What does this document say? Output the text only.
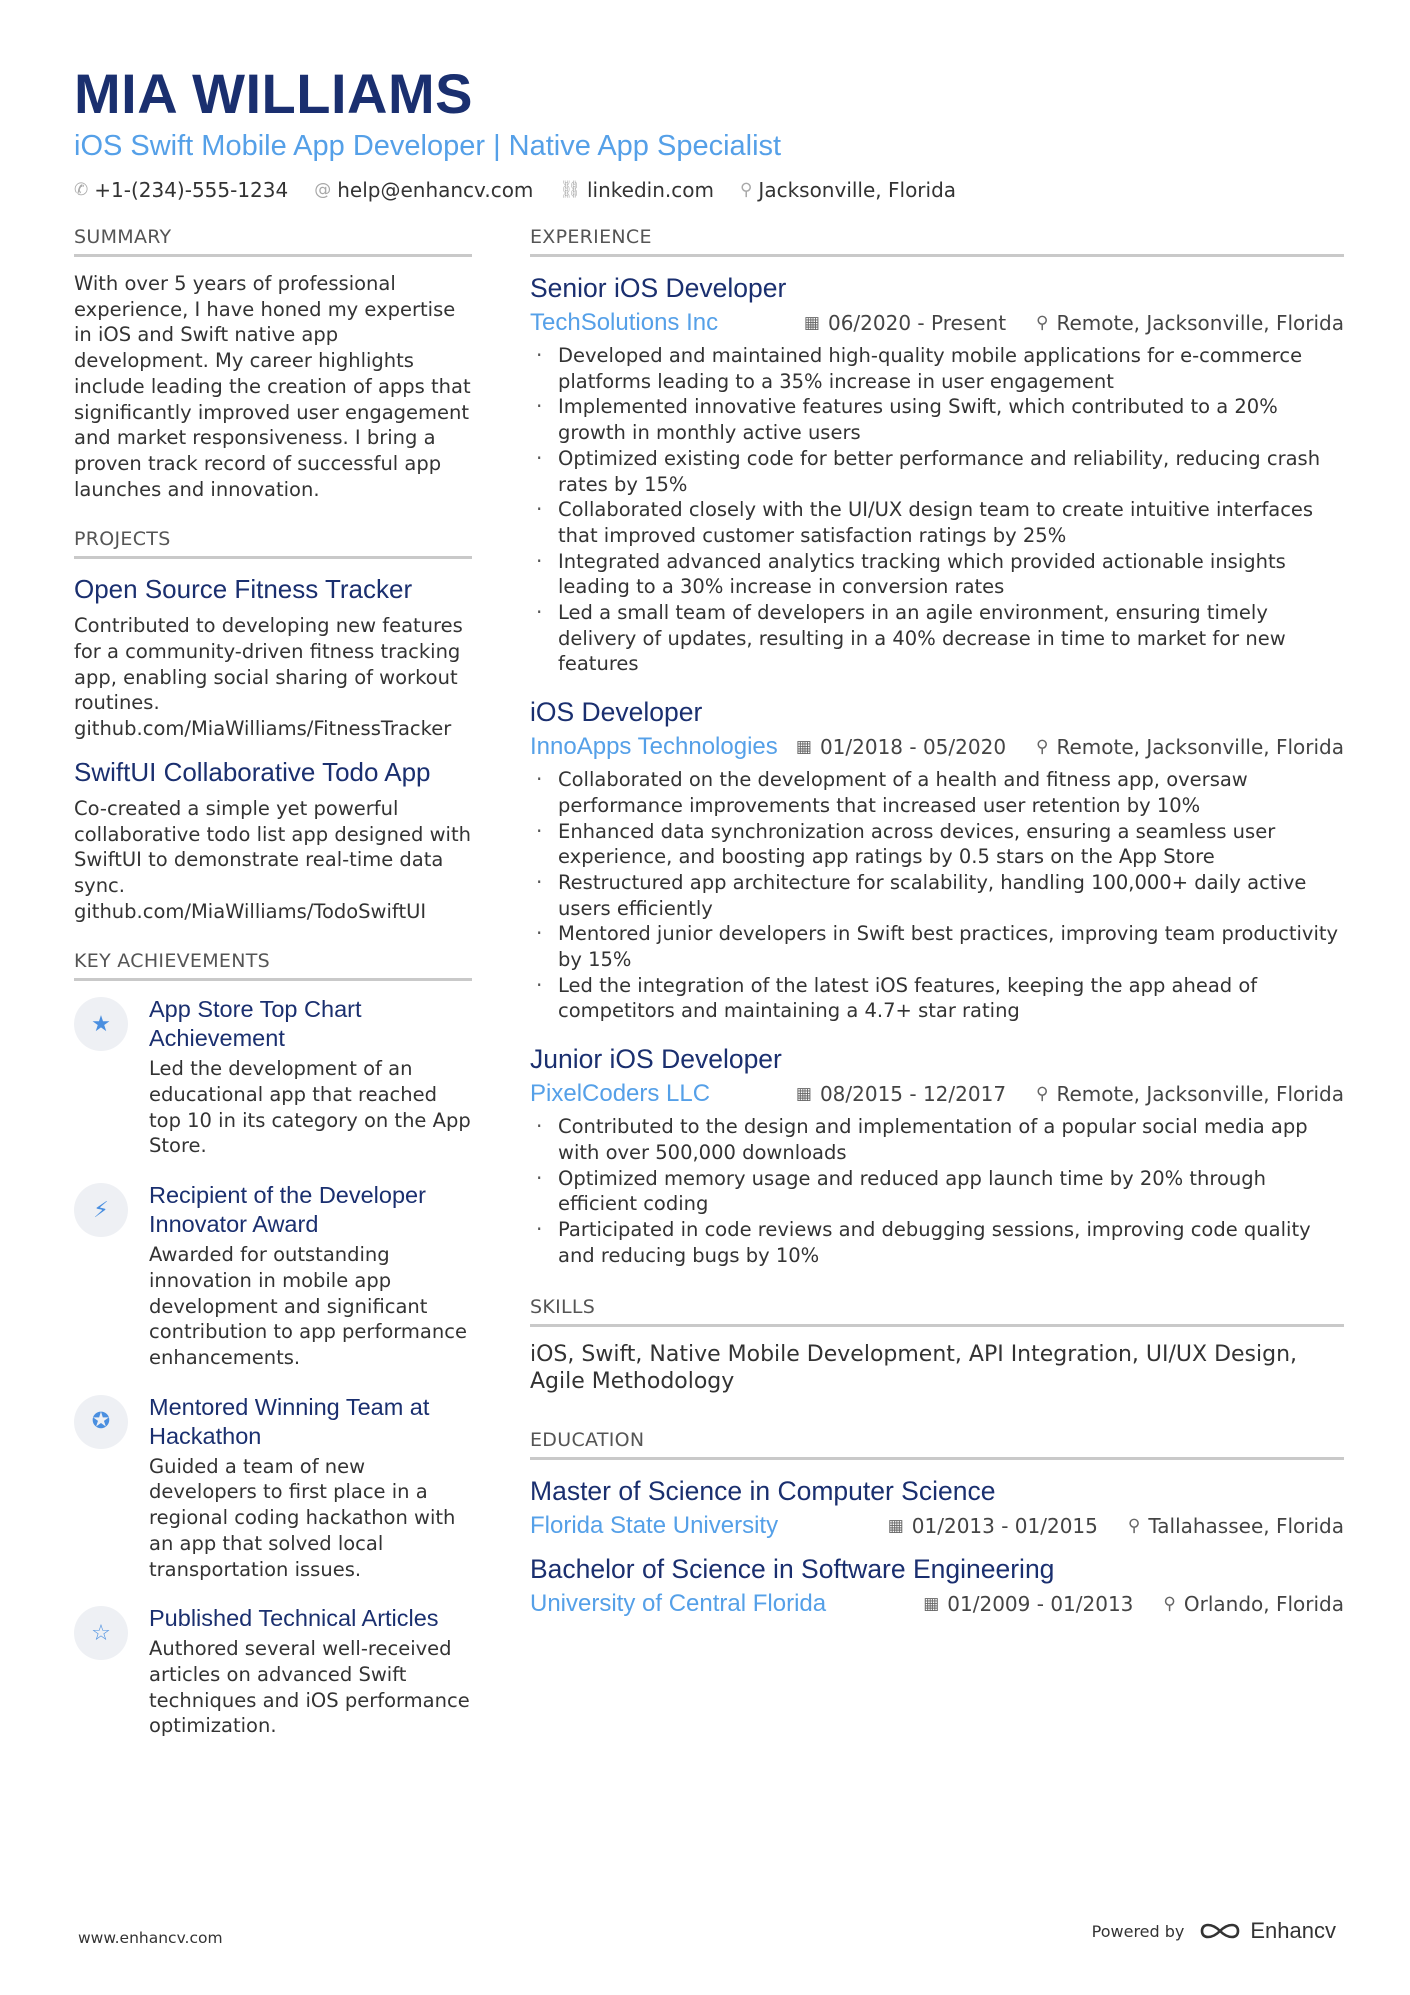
MIA WILLIAMS
iOS Swift Mobile App Developer | Native App Specialist
✆ +1-(234)-555-1234 @ help@enhancv.com ⛓ linkedin.com ⚲ Jacksonville, Florida
SUMMARY
With over 5 years of professional experience, I have honed my expertise in iOS and Swift native app development. My career highlights include leading the creation of apps that significantly improved user engagement and market responsiveness. I bring a proven track record of successful app launches and innovation.
PROJECTS
Open Source Fitness Tracker
Contributed to developing new features for a community-driven fitness tracking app, enabling social sharing of workout routines.
github.com/MiaWilliams/FitnessTracker
SwiftUI Collaborative Todo App
Co-created a simple yet powerful collaborative todo list app designed with SwiftUI to demonstrate real-time data sync.
github.com/MiaWilliams/TodoSwiftUI
KEY ACHIEVEMENTS
★
App Store Top Chart Achievement
Led the development of an educational app that reached top 10 in its category on the App Store.
⚡
Recipient of the Developer Innovator Award
Awarded for outstanding innovation in mobile app development and significant contribution to app performance enhancements.
✪
Mentored Winning Team at Hackathon
Guided a team of new developers to first place in a regional coding hackathon with an app that solved local transportation issues.
☆
Published Technical Articles
Authored several well-received articles on advanced Swift techniques and iOS performance optimization.
EXPERIENCE
Senior iOS Developer
TechSolutions Inc	▦ 06/2020 - Present ⚲ Remote, Jacksonville, Florida
· Developed and maintained high-quality mobile applications for e-commerce platforms leading to a 35% increase in user engagement
· Implemented innovative features using Swift, which contributed to a 20% growth in monthly active users
· Optimized existing code for better performance and reliability, reducing crash rates by 15%
· Collaborated closely with the UI/UX design team to create intuitive interfaces that improved customer satisfaction ratings by 25%
· Integrated advanced analytics tracking which provided actionable insights leading to a 30% increase in conversion rates
· Led a small team of developers in an agile environment, ensuring timely delivery of updates, resulting in a 40% decrease in time to market for new features
iOS Developer
InnoApps Technologies	▦ 01/2018 - 05/2020 ⚲ Remote, Jacksonville, Florida
· Collaborated on the development of a health and fitness app, oversaw performance improvements that increased user retention by 10%
· Enhanced data synchronization across devices, ensuring a seamless user experience, and boosting app ratings by 0.5 stars on the App Store
· Restructured app architecture for scalability, handling 100,000+ daily active users efficiently
· Mentored junior developers in Swift best practices, improving team productivity by 15%
· Led the integration of the latest iOS features, keeping the app ahead of competitors and maintaining a 4.7+ star rating
Junior iOS Developer
PixelCoders LLC	▦ 08/2015 - 12/2017 ⚲ Remote, Jacksonville, Florida
· Contributed to the design and implementation of a popular social media app with over 500,000 downloads
· Optimized memory usage and reduced app launch time by 20% through efficient coding
· Participated in code reviews and debugging sessions, improving code quality and reducing bugs by 10%
SKILLS
iOS, Swift, Native Mobile Development, API Integration, UI/UX Design, Agile Methodology
EDUCATION
Master of Science in Computer Science
Florida State University	▦ 01/2013 - 01/2015 ⚲ Tallahassee, Florida
Bachelor of Science in Software Engineering
University of Central Florida	▦ 01/2009 - 01/2013 ⚲ Orlando, Florida
www.enhancv.com	Powered by	Enhancv
